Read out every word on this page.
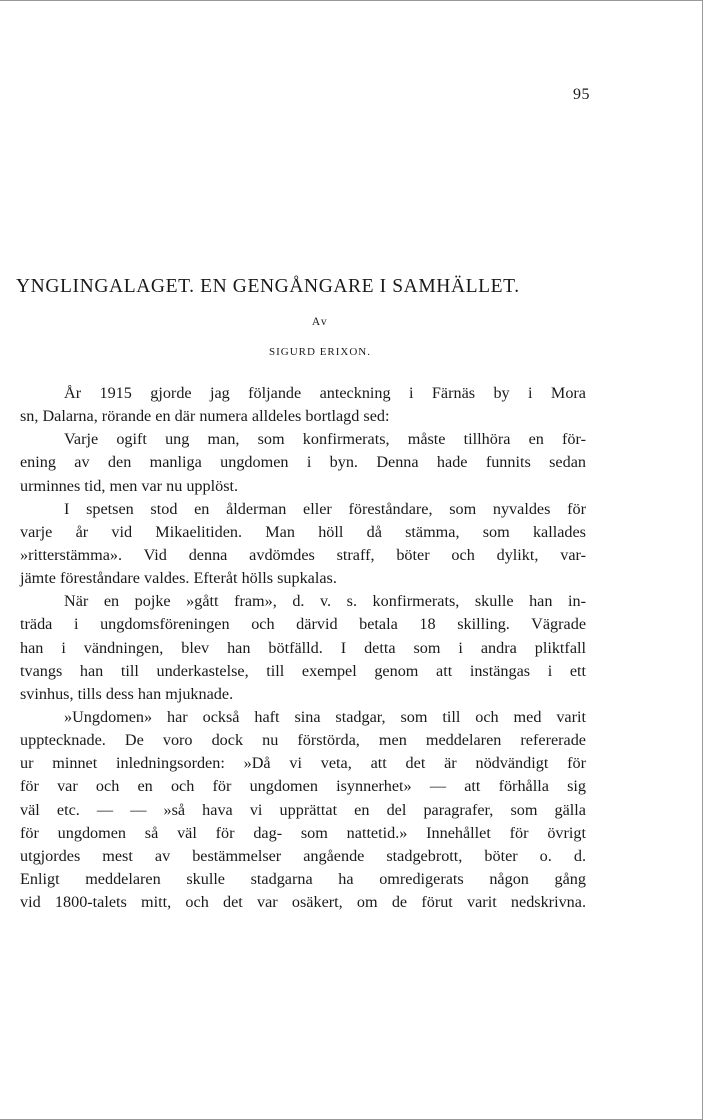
95
YNGLINGALAGET. EN GENGÅNGARE I SAMHÄLLET.
Av
SIGURD ERIXON.
År 1915 gjorde jag följande anteckning i Färnäs by i Mora
sn, Dalarna, rörande en där numera alldeles bortlagd sed:
Varje ogift ung man, som konfirmerats, måste tillhöra en för-
ening av den manliga ungdomen i byn. Denna hade funnits sedan
urminnes tid, men var nu upplöst.
I spetsen stod en ålderman eller föreståndare, som nyvaldes för
varje år vid Mikaelitiden. Man höll då stämma, som kallades
»ritterstämma». Vid denna avdömdes straff, böter och dylikt, var-
jämte föreståndare valdes. Efteråt hölls supkalas.
När en pojke »gått fram», d. v. s. konfirmerats, skulle han in-
träda i ungdomsföreningen och därvid betala 18 skilling. Vägrade
han i vändningen, blev han bötfälld. I detta som i andra pliktfall
tvangs han till underkastelse, till exempel genom att instängas i ett
svinhus, tills dess han mjuknade.
»Ungdomen» har också haft sina stadgar, som till och med varit
upptecknade. De voro dock nu förstörda, men meddelaren refererade
ur minnet inledningsorden: »Då vi veta, att det är nödvändigt för
för var och en och för ungdomen isynnerhet» — att förhålla sig
väl etc. — — »så hava vi upprättat en del paragrafer, som gälla
för ungdomen så väl för dag- som nattetid.» Innehållet för övrigt
utgjordes mest av bestämmelser angående stadgebrott, böter o. d.
Enligt meddelaren skulle stadgarna ha omredigerats någon gång
vid 1800-talets mitt, och det var osäkert, om de förut varit nedskrivna.
